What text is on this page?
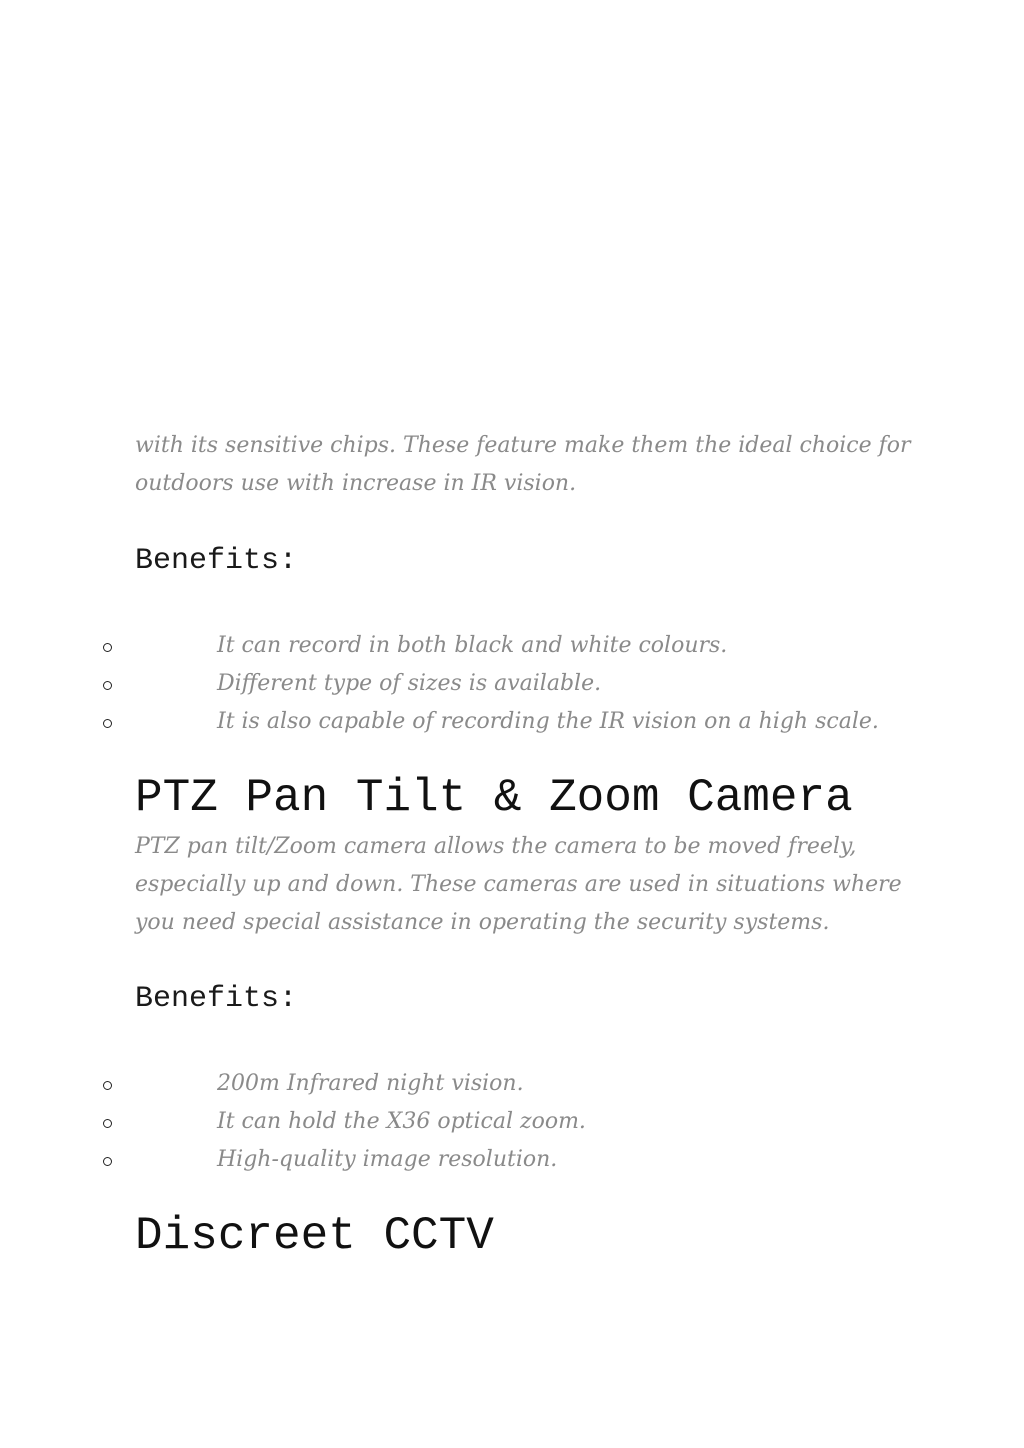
with its sensitive chips. These feature make them the ideal choice for
outdoors use with increase in IR vision.

Benefits:
It can record in both black and white colours.
Different type of sizes is available.
It is also capable of recording the IR vision on a high scale.
PTZ Pan Tilt & Zoom Camera

PTZ pan tilt/Zoom camera allows the camera to be moved freely,
especially up and down. These cameras are used in situations where
you need special assistance in operating the security systems.

Benefits:
200m Infrared night vision.
It can hold the X36 optical zoom.
High-quality image resolution.
Discreet CCTV
